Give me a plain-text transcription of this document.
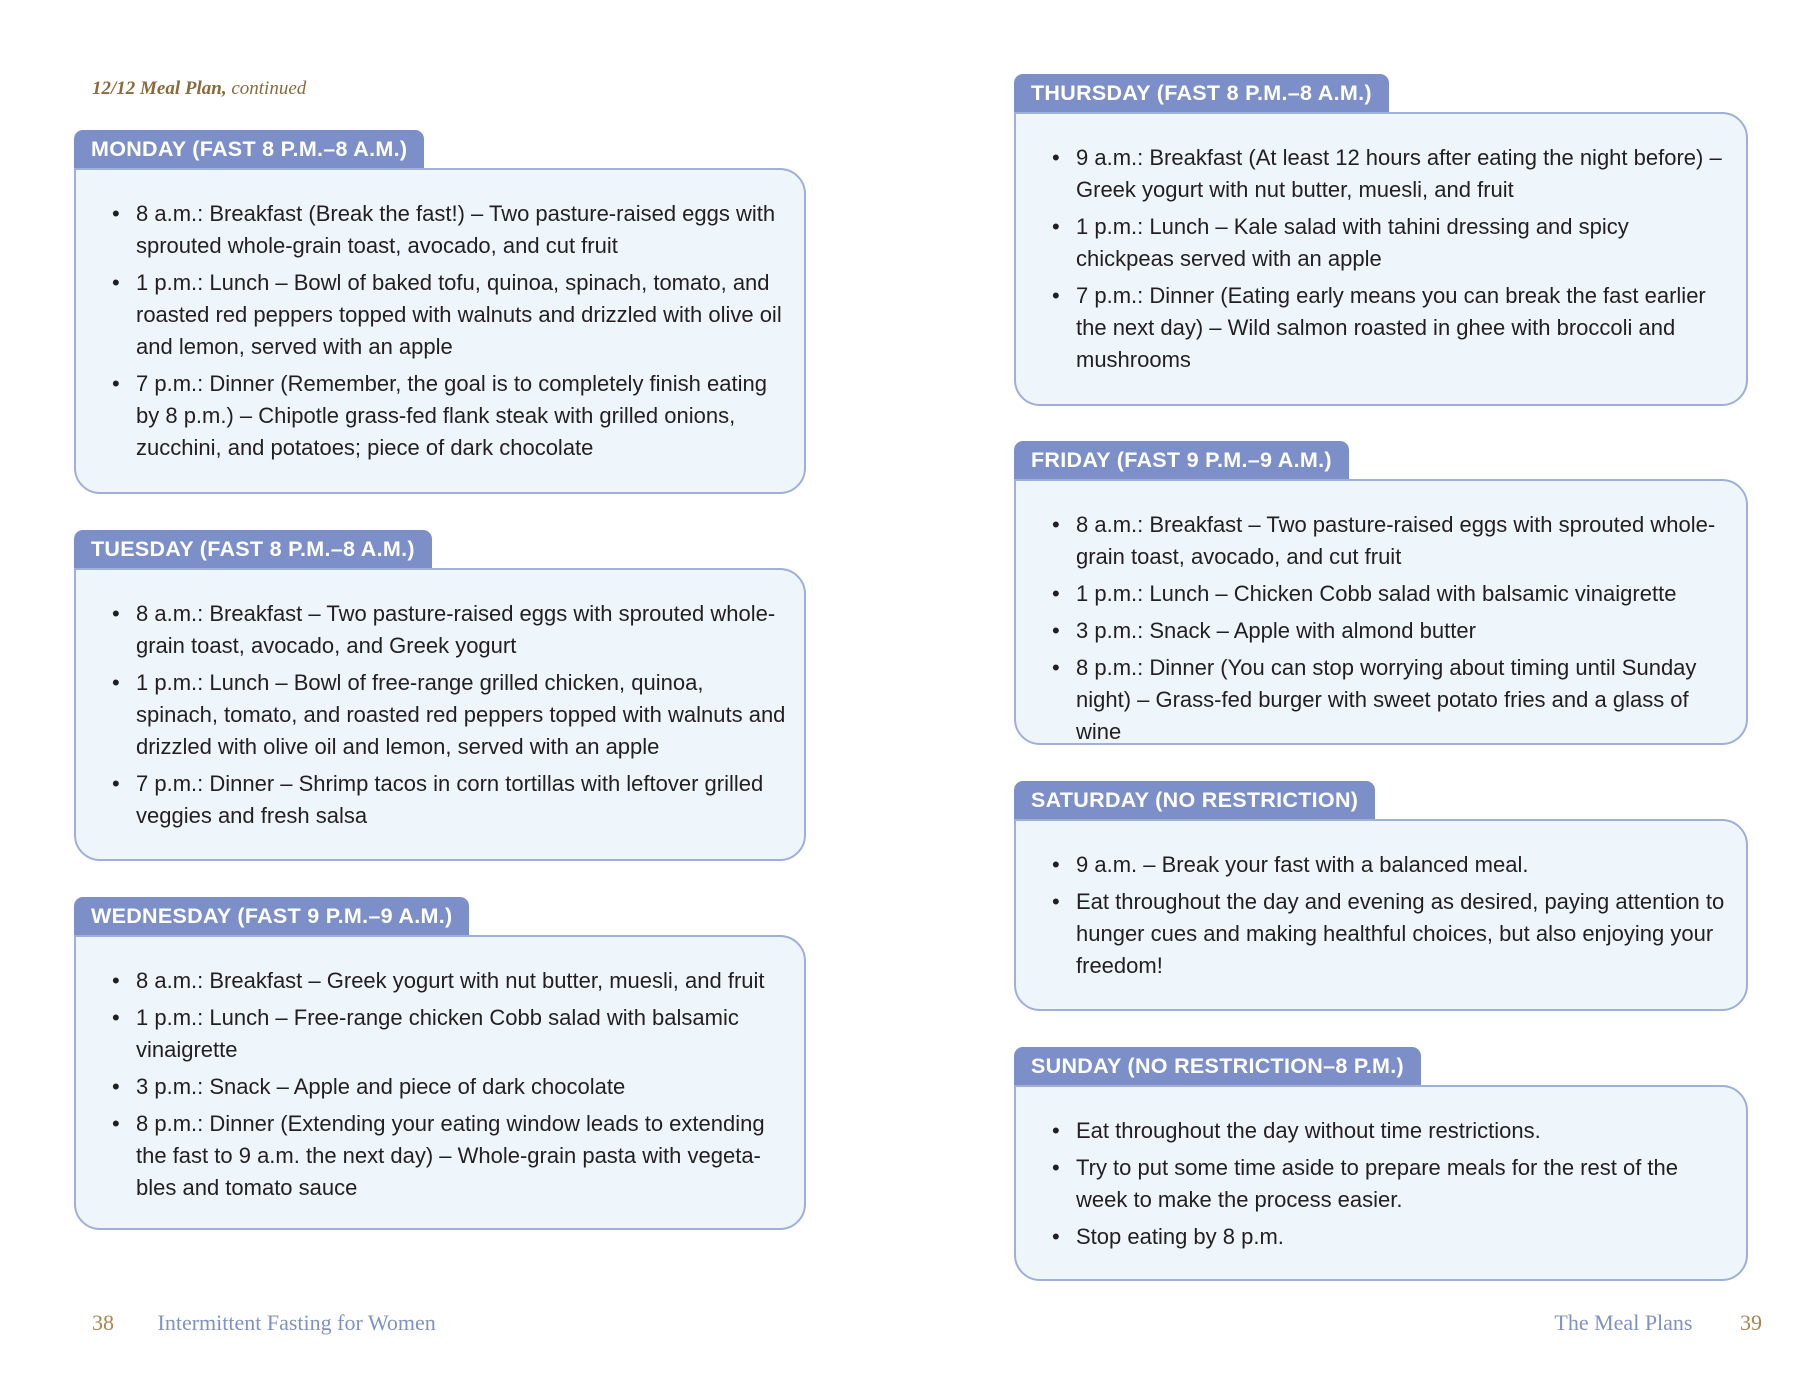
12/12 Meal Plan, continued
MONDAY (FAST 8 P.M.–8 A.M.)
• 8 a.m.: Breakfast (Break the fast!) – Two pasture-raised eggs with sprouted whole-grain toast, avocado, and cut fruit
• 1 p.m.: Lunch – Bowl of baked tofu, quinoa, spinach, tomato, and roasted red peppers topped with walnuts and drizzled with olive oil and lemon, served with an apple
• 7 p.m.: Dinner (Remember, the goal is to completely finish eating by 8 p.m.) – Chipotle grass-fed flank steak with grilled onions, zucchini, and potatoes; piece of dark chocolate
TUESDAY (FAST 8 P.M.–8 A.M.)
• 8 a.m.: Breakfast – Two pasture-raised eggs with sprouted whole-grain toast, avocado, and Greek yogurt
• 1 p.m.: Lunch – Bowl of free-range grilled chicken, quinoa, spinach, tomato, and roasted red peppers topped with walnuts and drizzled with olive oil and lemon, served with an apple
• 7 p.m.: Dinner – Shrimp tacos in corn tortillas with leftover grilled veggies and fresh salsa
WEDNESDAY (FAST 9 P.M.–9 A.M.)
• 8 a.m.: Breakfast – Greek yogurt with nut butter, muesli, and fruit
• 1 p.m.: Lunch – Free-range chicken Cobb salad with balsamic vinaigrette
• 3 p.m.: Snack – Apple and piece of dark chocolate
• 8 p.m.: Dinner (Extending your eating window leads to extending the fast to 9 a.m. the next day) – Whole-grain pasta with vegeta-bles and tomato sauce
38 Intermittent Fasting for Women
THURSDAY (FAST 8 P.M.–8 A.M.)
• 9 a.m.: Breakfast (At least 12 hours after eating the night before) – Greek yogurt with nut butter, muesli, and fruit
• 1 p.m.: Lunch – Kale salad with tahini dressing and spicy chickpeas served with an apple
• 7 p.m.: Dinner (Eating early means you can break the fast earlier the next day) – Wild salmon roasted in ghee with broccoli and mushrooms
FRIDAY (FAST 9 P.M.–9 A.M.)
• 8 a.m.: Breakfast – Two pasture-raised eggs with sprouted whole-grain toast, avocado, and cut fruit
• 1 p.m.: Lunch – Chicken Cobb salad with balsamic vinaigrette
• 3 p.m.: Snack – Apple with almond butter
• 8 p.m.: Dinner (You can stop worrying about timing until Sunday night) – Grass-fed burger with sweet potato fries and a glass of wine
SATURDAY (NO RESTRICTION)
• 9 a.m. – Break your fast with a balanced meal.
• Eat throughout the day and evening as desired, paying attention to hunger cues and making healthful choices, but also enjoying your freedom!
SUNDAY (NO RESTRICTION–8 P.M.)
• Eat throughout the day without time restrictions.
• Try to put some time aside to prepare meals for the rest of the week to make the process easier.
• Stop eating by 8 p.m.
The Meal Plans 39
